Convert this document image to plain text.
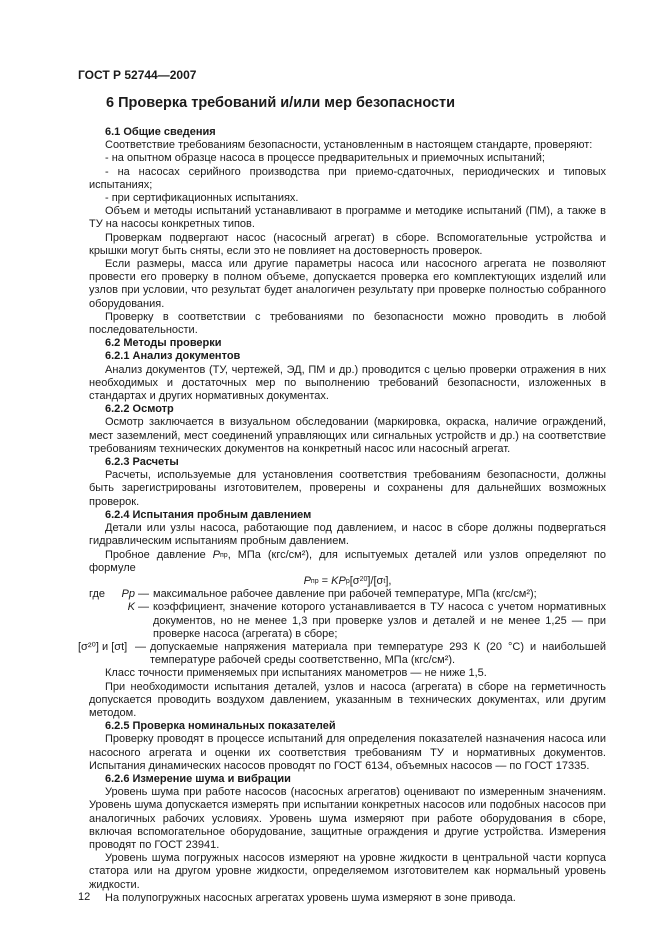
ГОСТ Р 52744—2007
6 Проверка требований и/или мер безопасности

6.1 Общие сведения

Соответствие требованиям безопасности, установленным в настоящем стандарте, проверяют:

- на опытном образце насоса в процессе предварительных и приемочных испытаний;

- на насосах серийного производства при приемо-сдаточных, периодических и типовых испытаниях;

- при сертификационных испытаниях.

Объем и методы испытаний устанавливают в программе и методике испытаний (ПМ), а также в ТУ на насосы конкретных типов.

Проверкам подвергают насос (насосный агрегат) в сборе. Вспомогательные устройства и крышки могут быть сняты, если это не повлияет на достоверность проверок.

Если размеры, масса или другие параметры насоса или насосного агрегата не позволяют провести его проверку в полном объеме, допускается проверка его комплектующих изделий или узлов при условии, что результат будет аналогичен результату при проверке полностью собранного оборудования.

Проверку в соответствии с требованиями по безопасности можно проводить в любой последовательности.

6.2 Методы проверки

6.2.1 Анализ документов

Анализ документов (ТУ, чертежей, ЭД, ПМ и др.) проводится с целью проверки отражения в них необходимых и достаточных мер по выполнению требований безопасности, изложенных в стандартах и других нормативных документах.

6.2.2 Осмотр

Осмотр заключается в визуальном обследовании (маркировка, окраска, наличие ограждений, мест заземлений, мест соединений управляющих или сигнальных устройств и др.) на соответствие требованиям технических документов на конкретный насос или насосный агрегат.

6.2.3 Расчеты

Расчеты, используемые для установления соответствия требованиям безопасности, должны быть зарегистрированы изготовителем, проверены и сохранены для дальнейших возможных проверок.

6.2.4 Испытания пробным давлением

Детали или узлы насоса, работающие под давлением, и насос в сборе должны подвергаться гидравлическим испытаниям пробным давлением.

Пробное давление Pпр, МПа (кгс/см²), для испытуемых деталей или узлов определяют по формуле

Pпр = $KPр[\sigma^{20}]/[\sigma t]$,

где	Pр — максимальное рабочее давление при рабочей температуре, МПа (кгс/см²);
K — коэффициент, значение которого устанавливается в ТУ насоса с учетом нормативных документов, но не менее 1,3 при проверке узлов и деталей и не менее 1,25 — при проверке насоса (агрегата) в сборе;
[σ²⁰] и [σt] — допускаемые напряжения материала при температуре 293 К (20 °C) и наибольшей температуре рабочей среды соответственно, МПа (кгс/см²).

Класс точности применяемых при испытаниях манометров — не ниже 1,5.

При необходимости испытания деталей, узлов и насоса (агрегата) в сборе на герметичность допускается проводить воздухом давлением, указанным в технических документах, или другим методом.

6.2.5 Проверка номинальных показателей

Проверку проводят в процессе испытаний для определения показателей назначения насоса или насосного агрегата и оценки их соответствия требованиям ТУ и нормативных документов. Испытания динамических насосов проводят по ГОСТ 6134, объемных насосов — по ГОСТ 17335.

6.2.6 Измерение шума и вибрации

Уровень шума при работе насосов (насосных агрегатов) оценивают по измеренным значениям. Уровень шума допускается измерять при испытании конкретных насосов или подобных насосов при аналогичных рабочих условиях. Уровень шума измеряют при работе оборудования в сборе, включая вспомогательное оборудование, защитные ограждения и другие устройства. Измерения проводят по ГОСТ 23941.

Уровень шума погружных насосов измеряют на уровне жидкости в центральной части корпуса статора или на другом уровне жидкости, определяемом изготовителем как нормальный уровень жидкости.

На полупогружных насосных агрегатах уровень шума измеряют в зоне привода.

12
